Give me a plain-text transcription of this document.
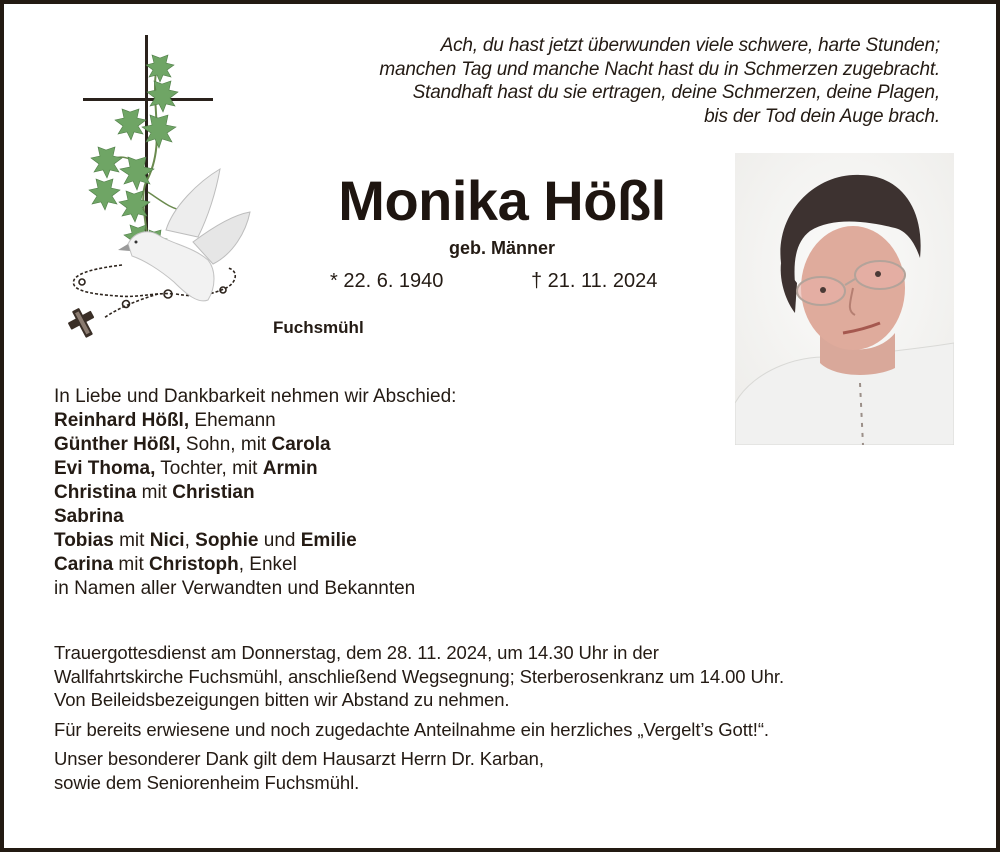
Ach, du hast jetzt überwunden viele schwere, harte Stunden;
manchen Tag und manche Nacht hast du in Schmerzen zugebracht.
Standhaft hast du sie ertragen, deine Schmerzen, deine Plagen,
bis der Tod dein Auge brach.
Monika Hößl
geb. Männer
* 22. 6. 1940	† 21. 11. 2024
Fuchsmühl
In Liebe und Dankbarkeit nehmen wir Abschied:
Reinhard Hößl, Ehemann
Günther Hößl, Sohn, mit Carola
Evi Thoma, Tochter, mit Armin
Christina mit Christian
Sabrina
Tobias mit Nici, Sophie und Emilie
Carina mit Christoph, Enkel
in Namen aller Verwandten und Bekannten

Trauergottesdienst am Donnerstag, dem 28. 11. 2024, um 14.30 Uhr in der

Wallfahrtskirche Fuchsmühl, anschließend Wegsegnung; Sterberosenkranz um 14.00 Uhr.

Von Beileidsbezeigungen bitten wir Abstand zu nehmen.

Für bereits erwiesene und noch zugedachte Anteilnahme ein herzliches „Vergelt’s Gott!“.

Unser besonderer Dank gilt dem Hausarzt Herrn Dr. Karban,

sowie dem Seniorenheim Fuchsmühl.
